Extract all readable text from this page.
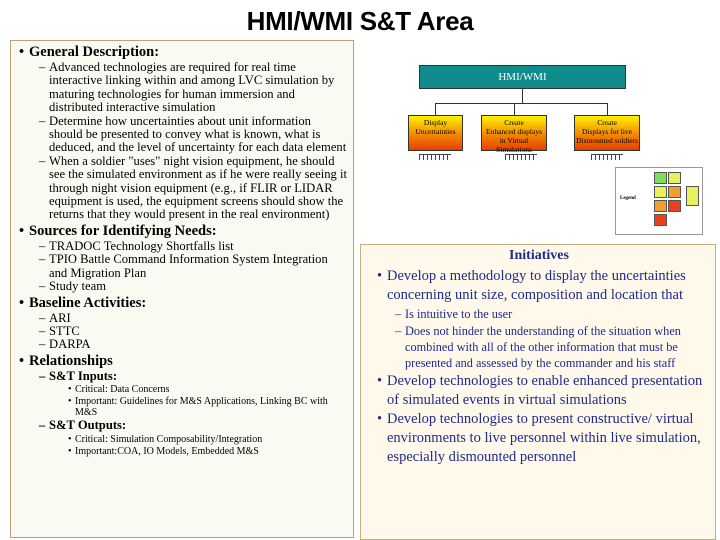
HMI/WMI S&T Area
• General Description:
– Advanced technologies are required for real time interactive linking within and among LVC simulation by maturing technologies for human immersion and distributed interactive simulation
– Determine how uncertainties about unit information should be presented to convey what is known, what is deduced, and the level of uncertainty for each data element
– When a soldier "uses" night vision equipment, he should see the simulated environment as if he were really seeing it through night vision equipment (e.g., if FLIR or LIDAR equipment is used, the equipment screens should show the returns that they would present in the real environment)
• Sources for Identifying Needs:
– TRADOC Technology Shortfalls list
– TPIO Battle Command Information System Integration and Migration Plan
– Study team
• Baseline Activities:
– ARI
– STTC
– DARPA
• Relationships
– S&T Inputs:
• Critical: Data Concerns
• Important: Guidelines for M&S Applications, Linking BC with M&S
– S&T Outputs:
• Critical: Simulation Composability/Integration
• Important:COA, IO Models, Embedded M&S
HMI/WMI
Display
Uncertainties
Create
Enhanced displays
in Virtual Simulations
Create
Displays for live
Dismounted soldiers
Legend
Initiatives
• Develop a methodology to display the uncertainties concerning unit size, composition and location that
– Is intuitive to the user
– Does not hinder the understanding of the situation when combined with all of the other information that must be presented and assessed by the commander and his staff
• Develop technologies to enable enhanced presentation of simulated events in virtual simulations
• Develop technologies to present constructive/ virtual environments to live personnel within live simulation, especially dismounted personnel
